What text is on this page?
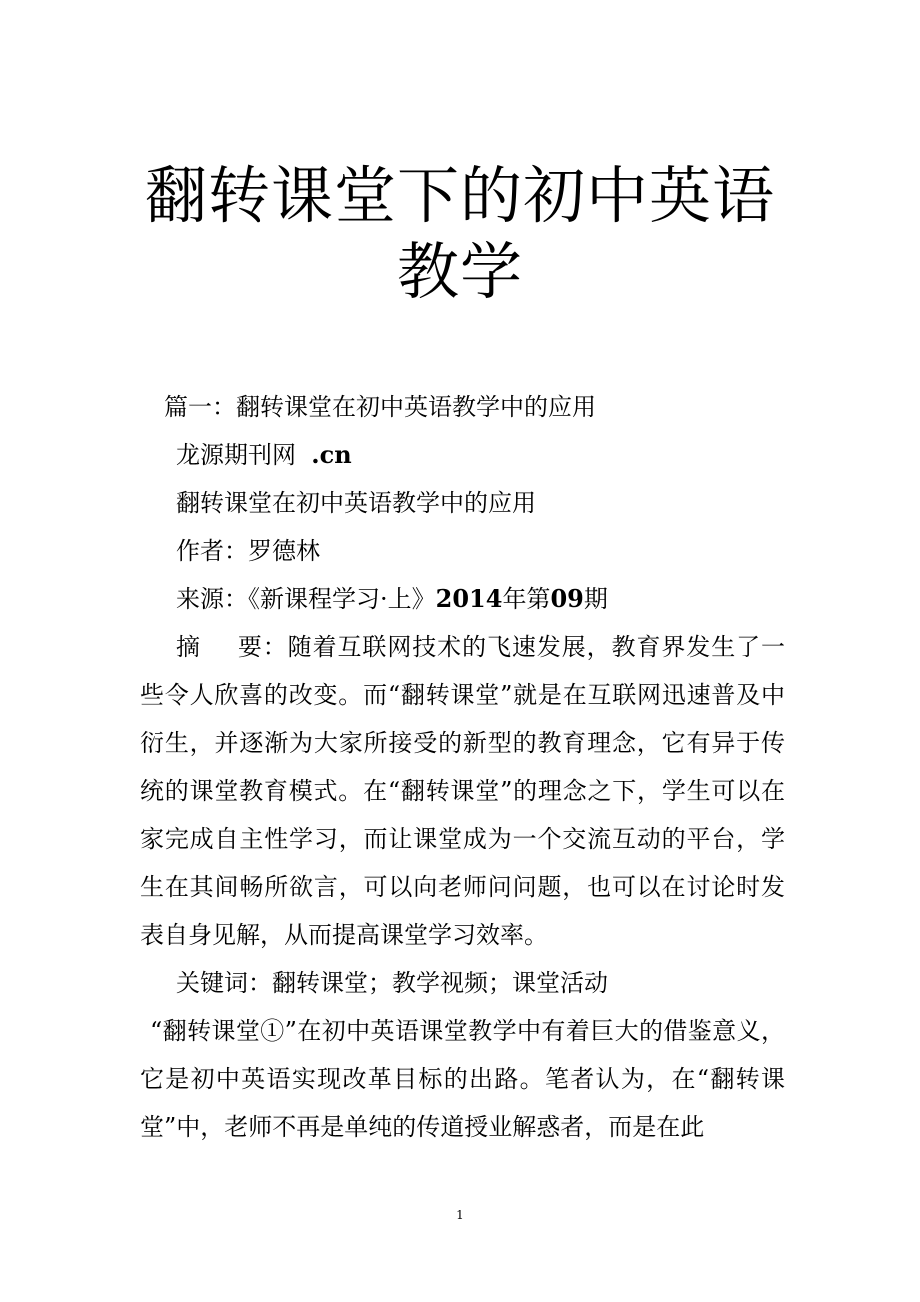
翻转课堂下的初中英语教学

篇一：翻转课堂在初中英语教学中的应用

龙源期刊网 .cn

翻转课堂在初中英语教学中的应用

作者：罗德林

来源：《新课程学习·上》2014年第09期

摘 要：随着互联网技术的飞速发展，教育界发生了一些令人欣喜的改变。而“翻转课堂”就是在互联网迅速普及中衍生，并逐渐为大家所接受的新型的教育理念，它有异于传统的课堂教育模式。在“翻转课堂”的理念之下，学生可以在家完成自主性学习，而让课堂成为一个交流互动的平台，学生在其间畅所欲言，可以向老师问问题，也可以在讨论时发表自身见解，从而提高课堂学习效率。

关键词：翻转课堂；教学视频；课堂活动

“翻转课堂①”在初中英语课堂教学中有着巨大的借鉴意义，它是初中英语实现改革目标的出路。笔者认为，在“翻转课堂”中，老师不再是单纯的传道授业解惑者，而是在此

1
